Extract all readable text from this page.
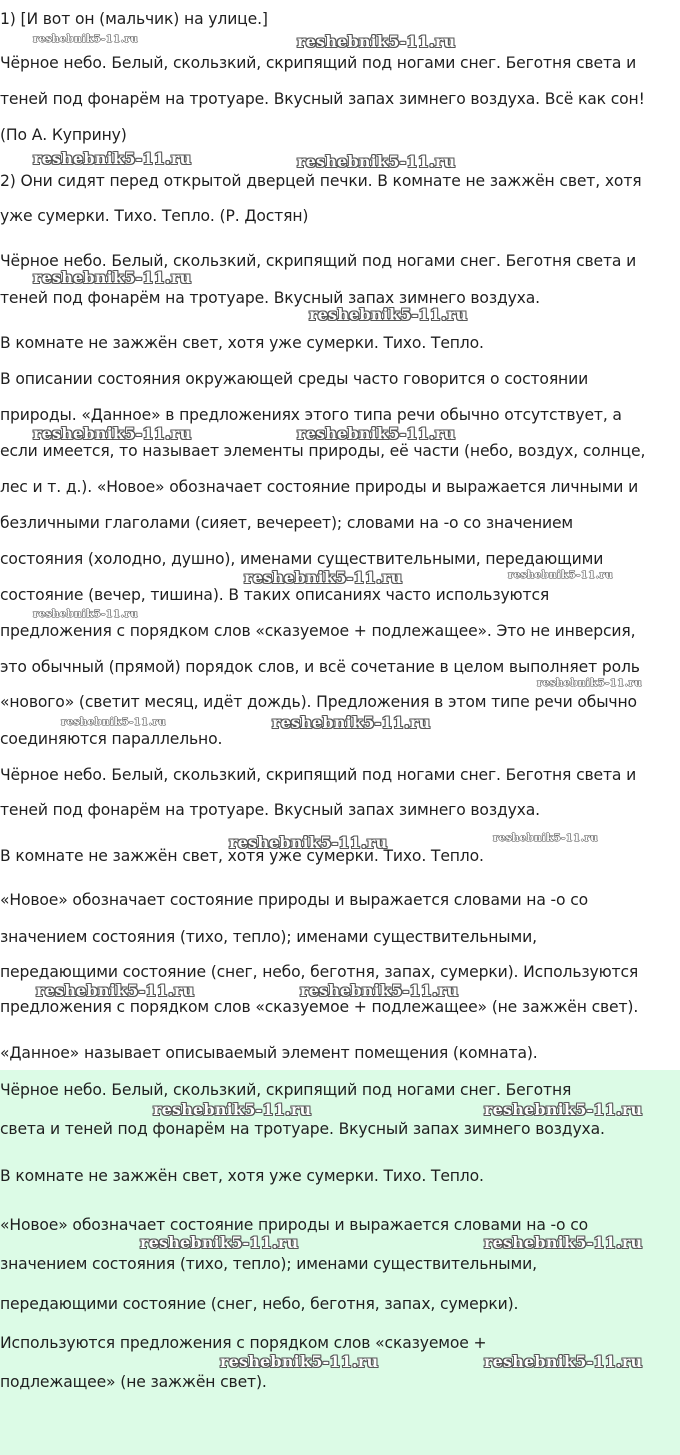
1) [И вот он (мальчик) на улице.]
Чёрное небо. Белый, скользкий, скрипящий под ногами снег. Беготня света и
теней под фонарём на тротуаре. Вкусный запах зимнего воздуха. Всё как сон!
(По А. Куприну)
2) Они сидят перед открытой дверцей печки. В комнате не зажжён свет, хотя
уже сумерки. Тихо. Тепло. (Р. Достян)
Чёрное небо. Белый, скользкий, скрипящий под ногами снег. Беготня света и
теней под фонарём на тротуаре. Вкусный запах зимнего воздуха.
В комнате не зажжён свет, хотя уже сумерки. Тихо. Тепло.
В описании состояния окружающей среды часто говорится о состоянии
природы. «Данное» в предложениях этого типа речи обычно отсутствует, а
если имеется, то называет элементы природы, её части (небо, воздух, солнце,
лес и т. д.). «Новое» обозначает состояние природы и выражается личными и
безличными глаголами (сияет, вечереет); словами на -о со значением
состояния (холодно, душно), именами существительными, передающими
состояние (вечер, тишина). В таких описаниях часто используются
предложения с порядком слов «сказуемое + подлежащее». Это не инверсия,
это обычный (прямой) порядок слов, и всё сочетание в целом выполняет роль
«нового» (светит месяц, идёт дождь). Предложения в этом типе речи обычно
соединяются параллельно.
Чёрное небо. Белый, скользкий, скрипящий под ногами снег. Беготня света и
теней под фонарём на тротуаре. Вкусный запах зимнего воздуха.
В комнате не зажжён свет, хотя уже сумерки. Тихо. Тепло.
«Новое» обозначает состояние природы и выражается словами на -о со
значением состояния (тихо, тепло); именами существительными,
передающими состояние (снег, небо, беготня, запах, сумерки). Используются
предложения с порядком слов «сказуемое + подлежащее» (не зажжён свет).
«Данное» называет описываемый элемент помещения (комната).
Чёрное небо. Белый, скользкий, скрипящий под ногами снег. Беготня
света и теней под фонарём на тротуаре. Вкусный запах зимнего воздуха.
В комнате не зажжён свет, хотя уже сумерки. Тихо. Тепло.
«Новое» обозначает состояние природы и выражается словами на -о со
значением состояния (тихо, тепло); именами существительными,
передающими состояние (снег, небо, беготня, запах, сумерки).
Используются предложения с порядком слов «сказуемое +
подлежащее» (не зажжён свет).
reshebnik5-11.ru	reshebnik5-11.ru
reshebnik5-11.ru	reshebnik5-11.ru
reshebnik5-11.ru
reshebnik5-11.ru
reshebnik5-11.ru	reshebnik5-11.ru
reshebnik5-11.ru	reshebnik5-11.ru
reshebnik5-11.ru
reshebnik5-11.ru
reshebnik5-11.ru	reshebnik5-11.ru
reshebnik5-11.ru	reshebnik5-11.ru
reshebnik5-11.ru	reshebnik5-11.ru
reshebnik5-11.ru	reshebnik5-11.ru
reshebnik5-11.ru	reshebnik5-11.ru
reshebnik5-11.ru	reshebnik5-11.ru
